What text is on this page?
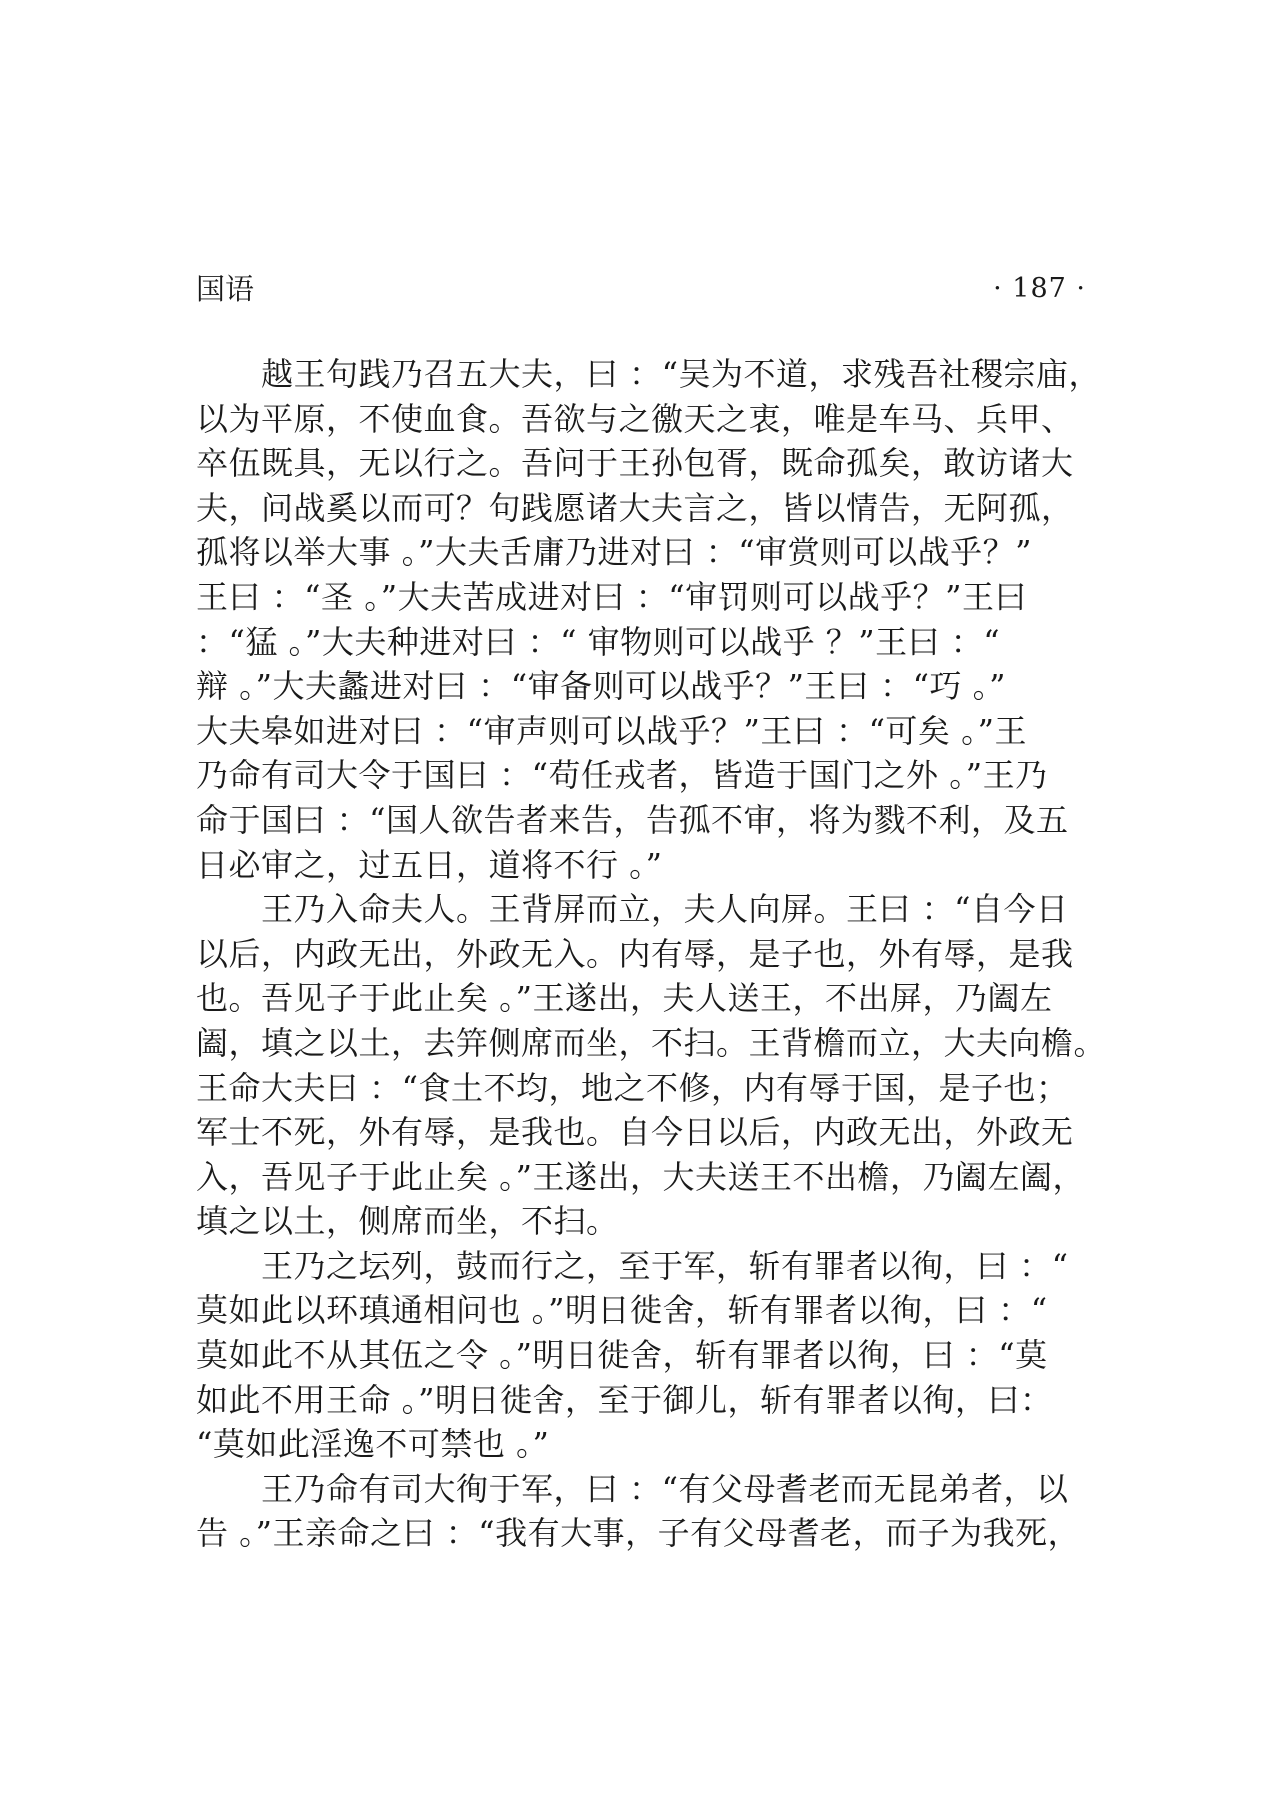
国语	· 187 ·
　　越王句践乃召五大夫，曰 ：“吴为不道，求残吾社稷宗庙，
以为平原，不使血食。吾欲与之徼天之衷，唯是车马、兵甲、
卒伍既具，无以行之。吾问于王孙包胥，既命孤矣，敢访诸大
夫，问战奚以而可？句践愿诸大夫言之，皆以情告，无阿孤，
孤将以举大事 。”大夫舌庸乃进对曰 ：“审赏则可以战乎？”
王曰 ：“圣 。”大夫苦成进对曰 ：“审罚则可以战乎？”王曰
：“猛 。”大夫种进对曰 ：“ 审物则可以战乎 ？”王曰 ：“
辩 。”大夫蠡进对曰 ：“审备则可以战乎？”王曰 ：“巧 。”
大夫皋如进对曰 ：“审声则可以战乎？”王曰 ：“可矣 。”王
乃命有司大令于国曰 ：“苟任戎者，皆造于国门之外 。”王乃
命于国曰 ：“国人欲告者来告，告孤不审，将为戮不利，及五
日必审之，过五日，道将不行 。”
　　王乃入命夫人。王背屏而立，夫人向屏。王曰 ：“自今日
以后，内政无出，外政无入。内有辱，是子也，外有辱，是我
也。吾见子于此止矣 。”王遂出，夫人送王，不出屏，乃阖左
阖，填之以土，去笄侧席而坐，不扫。王背檐而立，大夫向檐。
王命大夫曰 ：“食土不均，地之不修，内有辱于国，是子也；
军士不死，外有辱，是我也。自今日以后，内政无出，外政无
入，吾见子于此止矣 。”王遂出，大夫送王不出檐，乃阖左阖，
填之以土，侧席而坐，不扫。
　　王乃之坛列，鼓而行之，至于军，斩有罪者以徇，曰 ：“
莫如此以环瑱通相问也 。”明日徙舍，斩有罪者以徇，曰 ：“
莫如此不从其伍之令 。”明日徙舍，斩有罪者以徇，曰 ：“莫
如此不用王命 。”明日徙舍，至于御儿，斩有罪者以徇，曰：
“莫如此淫逸不可禁也 。”
　　王乃命有司大徇于军，曰 ：“有父母耆老而无昆弟者，以
告 。”王亲命之曰 ：“我有大事，子有父母耆老，而子为我死，
